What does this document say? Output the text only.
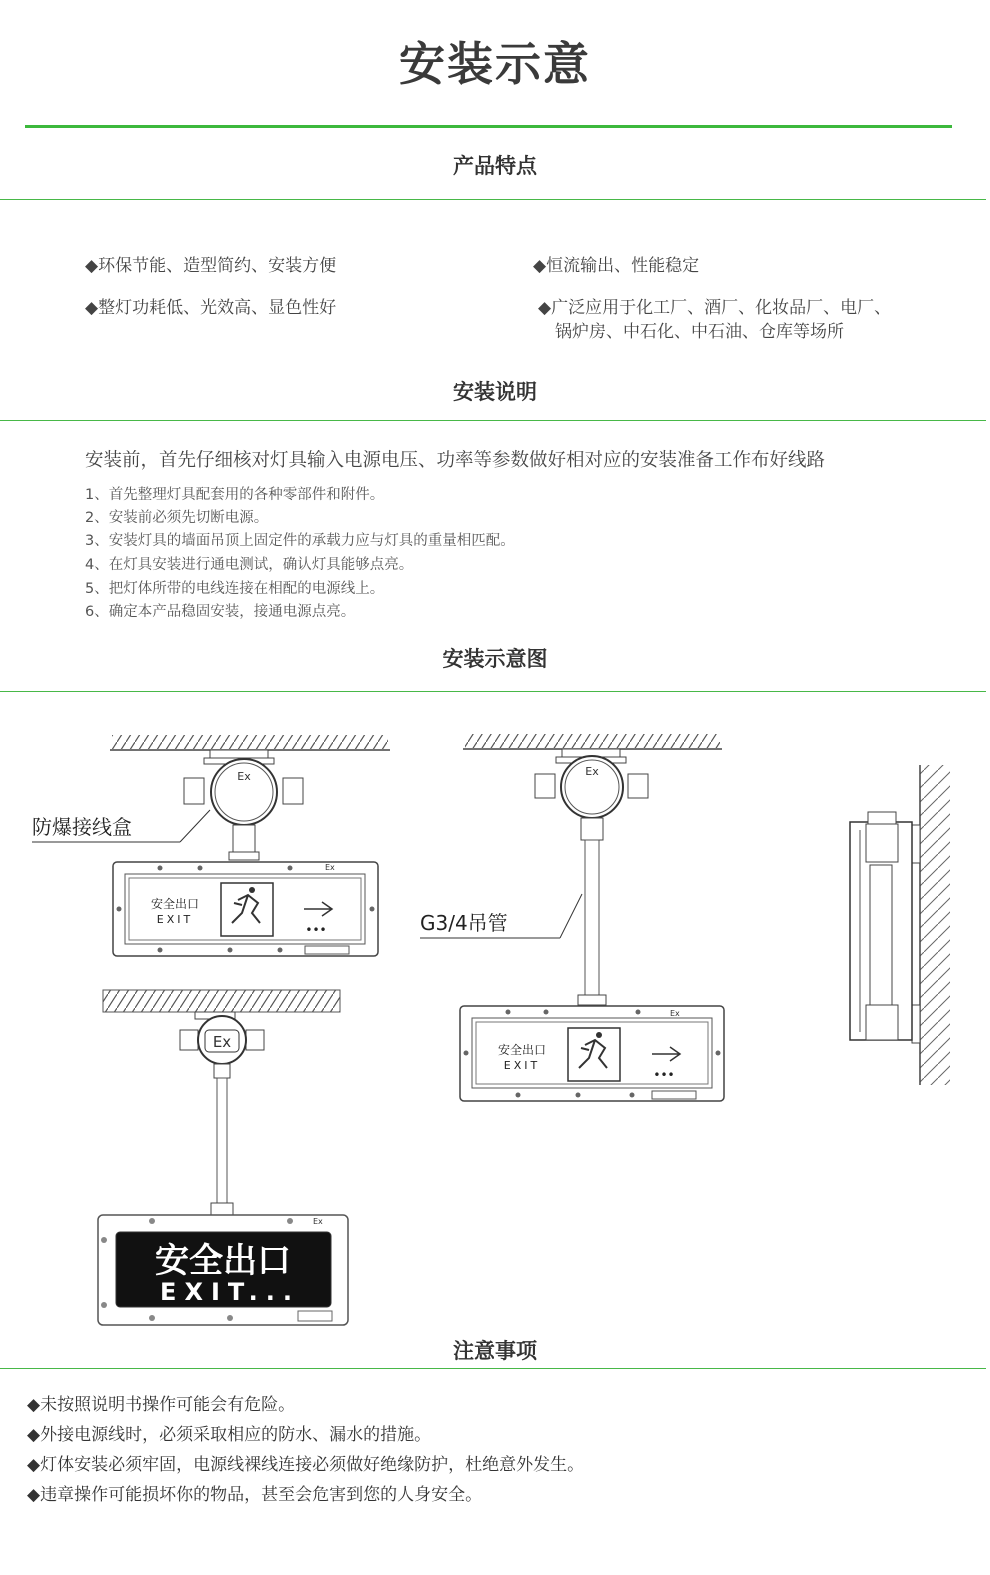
安装示意
产品特点
◆环保节能、造型简约、安装方便	◆恒流输出、性能稳定
◆整灯功耗低、光效高、显色性好	◆广泛应用于化工厂、酒厂、化妆品厂、电厂、
锅炉房、中石化、中石油、仓库等场所
安装说明
安装前，首先仔细核对灯具输入电源电压、功率等参数做好相对应的安装准备工作布好线路
1、首先整理灯具配套用的各种零部件和附件。
2、安装前必须先切断电源。
3、安装灯具的墙面吊顶上固定件的承载力应与灯具的重量相匹配。
4、在灯具安装进行通电测试，确认灯具能够点亮。
5、把灯体所带的电线连接在相配的电源线上。
6、确定本产品稳固安装，接通电源点亮。
安装示意图
Ex
防爆接线盒
Ex
安全出口
EXIT
•••
Ex
安全出口
EXIT...
Ex
Ex
G3/4吊管
Ex
安全出口
EXIT
•••
注意事项
◆未按照说明书操作可能会有危险。
◆外接电源线时，必须采取相应的防水、漏水的措施。
◆灯体安装必须牢固，电源线裸线连接必须做好绝缘防护，杜绝意外发生。
◆违章操作可能损坏你的物品，甚至会危害到您的人身安全。
